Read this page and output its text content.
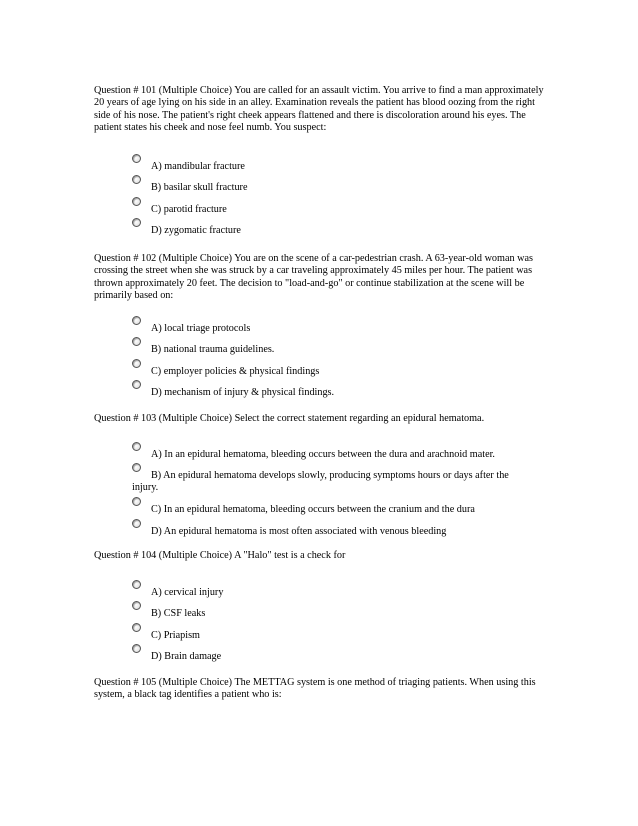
Question # 101 (Multiple Choice) You are called for an assault victim. You arrive to find a man approximately 20 years of age lying on his side in an alley. Examination reveals the patient has blood oozing from the right side of his nose. The patient's right cheek appears flattened and there is discoloration around his eyes. The patient states his cheek and nose feel numb. You suspect:

A) mandibular fracture
B) basilar skull fracture
C) parotid fracture
D) zygomatic fracture

Question # 102 (Multiple Choice) You are on the scene of a car-pedestrian crash. A 63-year-old woman was crossing the street when she was struck by a car traveling approximately 45 miles per hour. The patient was thrown approximately 20 feet. The decision to "load-and-go" or continue stabilization at the scene will be primarily based on:

A) local triage protocols
B) national trauma guidelines.
C) employer policies & physical findings
D) mechanism of injury & physical findings.

Question # 103 (Multiple Choice) Select the correct statement regarding an epidural hematoma.

A) In an epidural hematoma, bleeding occurs between the dura and arachnoid mater.
B) An epidural hematoma develops slowly, producing symptoms hours or days after the
injury.
C) In an epidural hematoma, bleeding occurs between the cranium and the dura
D) An epidural hematoma is most often associated with venous bleeding

Question # 104 (Multiple Choice) A "Halo" test is a check for

A) cervical injury
B) CSF leaks
C) Priapism
D) Brain damage

Question # 105 (Multiple Choice) The METTAG system is one method of triaging patients. When using this system, a black tag identifies a patient who is:
